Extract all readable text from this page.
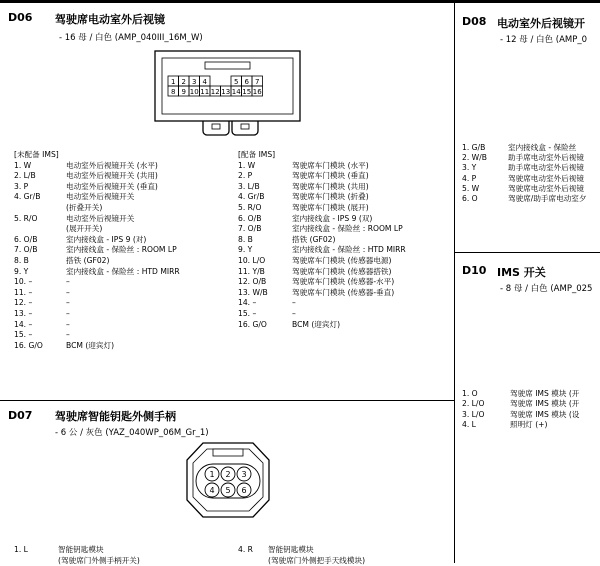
D06 驾驶席电动室外后视镜
- 16 母 / 白色 (AMP_040III_16M_W)
1 2 3 4	5 6 7
8 9 10 11 12 13 14 15 16
[未配备 IMS]
1. W	电动室外后视镜开关 (水平)
2. L/B	电动室外后视镜开关 (共用)
3. P	电动室外后视镜开关 (垂直)
4. Gr/B	电动室外后视镜开关
(折叠开关)
5. R/O	电动室外后视镜开关
(展开开关)
6. O/B	室内接线盒 - IPS 9 (对)
7. O/B	室内接线盒 - 保险丝 : ROOM LP
8. B	搭铁 (GF02)
9. Y	室内接线盒 - 保险丝 : HTD MIRR
10. –	–
11. –	–
12. –	–
13. –	–
14. –	–
15. –	–
16. G/O	BCM (迎宾灯)
[配备 IMS]
1. W	驾驶席车门模块 (水平)
2. P	驾驶席车门模块 (垂直)
3. L/B	驾驶席车门模块 (共用)
4. Gr/B	驾驶席车门模块 (折叠)
5. R/O	驾驶席车门模块 (展开)
6. O/B	室内接线盒 - IPS 9 (双)
7. O/B	室内接线盒 - 保险丝 : ROOM LP
8. B	搭铁 (GF02)
9. Y	室内接线盒 - 保险丝 : HTD MIRR
10. L/O	驾驶席车门模块 (传感器电源)
11. Y/B	驾驶席车门模块 (传感器搭铁)
12. O/B	驾驶席车门模块 (传感器-水平)
13. W/B	驾驶席车门模块 (传感器-垂直)
14. –	–
15. –	–
16. G/O	BCM (迎宾灯)
D07 驾驶席智能钥匙外侧手柄
- 6 公 / 灰色 (YAZ_040WP_06M_Gr_1)
1 2 3
4 5 6
1. L	智能钥匙模块
(驾驶席门外侧手柄开关)
4. R	智能钥匙模块
(驾驶席门外侧把手天线模块)
D08 电动室外后视镜开
- 12 母 / 白色 (AMP_0
1. G/B	室内接线盒 - 保险丝
2. W/B	助手席电动室外后视镜
3. Y	助手席电动室外后视镜
4. P	驾驶席电动室外后视镜
5. W	驾驶席电动室外后视镜
6. O	驾驶席/助手席电动室夕
D10 IMS 开关
- 8 母 / 白色 (AMP_025
1. O	驾驶席 IMS 模块 (开
2. L/O	驾驶席 IMS 模块 (开
3. L/O	驾驶席 IMS 模块 (设
4. L	照明灯 (+)
